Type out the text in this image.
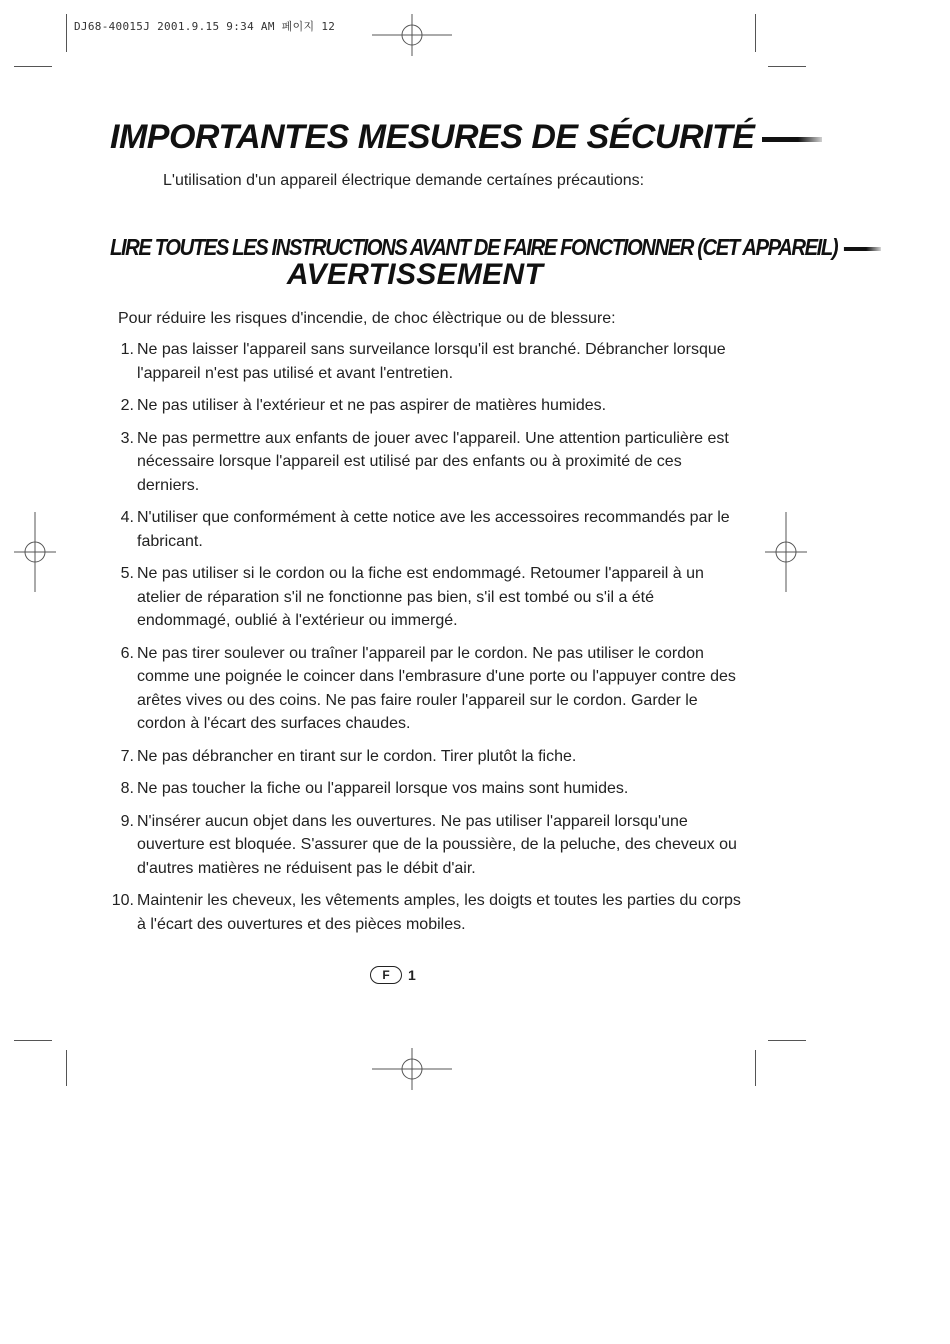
DJ68-40015J 2001.9.15 9:34 AM 페이지 12
IMPORTANTES MESURES DE SÉCURITÉ

L'utilisation d'un appareil électrique demande certaínes précautions:

LIRE TOUTES LES INSTRUCTIONS AVANT DE FAIRE FONCTIONNER (CET APPAREIL)
AVERTISSEMENT

Pour réduire les risques d'incendie, de choc élèctrique ou de blessure:

1. Ne pas laisser l'appareil sans surveilance lorsqu'il est branché. Débrancher lorsque l'appareil n'est pas utilisé et avant l'entretien.
2. Ne pas utiliser à l'extérieur et ne pas aspirer de matières humides.
3. Ne pas permettre aux enfants de jouer avec l'appareil. Une attention particulière est nécessaire lorsque l'appareil est utilisé par des enfants ou à proximité de ces derniers.
4. N'utiliser que conformément à cette notice ave les accessoires recommandés par le fabricant.
5. Ne pas utiliser si le cordon ou la fiche est endommagé. Retoumer l'appareil à un atelier de réparation s'il ne fonctionne pas bien, s'il est tombé ou s'il a été endommagé, oublié à l'extérieur ou immergé.
6. Ne pas tirer soulever ou traîner l'appareil par le cordon. Ne pas utiliser le cordon comme une poignée le coincer dans l'embrasure d'une porte ou l'appuyer contre des arêtes vives ou des coins. Ne pas faire rouler l'appareil sur le cordon. Garder le cordon à l'écart des surfaces chaudes.
7. Ne pas débrancher en tirant sur le cordon. Tirer plutôt la fiche.
8. Ne pas toucher la fiche ou l'appareil lorsque vos mains sont humides.
9. N'insérer aucun objet dans les ouvertures. Ne pas utiliser l'appareil lorsqu'une ouverture est bloquée. S'assurer que de la poussière, de la peluche, des cheveux ou d'autres matières ne réduisent pas le débit d'air.
10. Maintenir les cheveux, les vêtements amples, les doigts et toutes les parties du corps à l'écart des ouvertures et des pièces mobiles.
F	1
